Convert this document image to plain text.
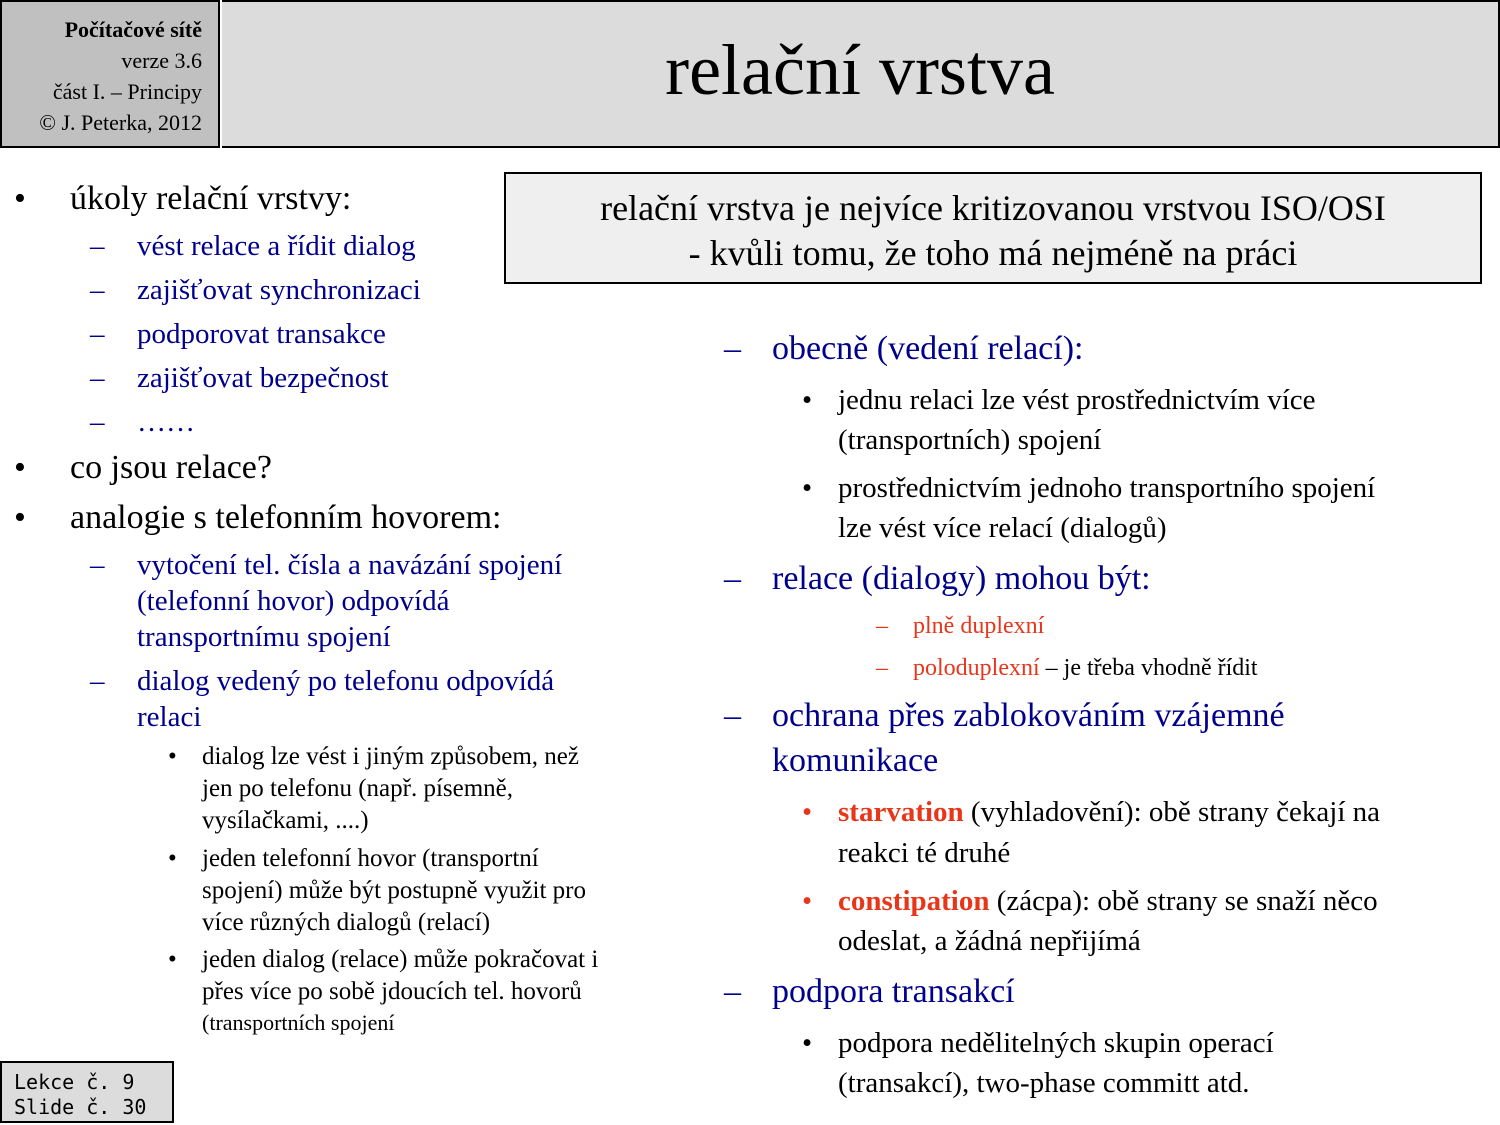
Počítačové sítě
verze 3.6
část I. – Principy
© J. Peterka, 2012
relační vrstva
relační vrstva je nejvíce kritizovanou vrstvou ISO/OSI
- kvůli tomu, že toho má nejméně na práci
• úkoly relační vrstvy:
– vést relace a řídit dialog
– zajišťovat synchronizaci
– podporovat transakce
– zajišťovat bezpečnost
– ……
• co jsou relace?
• analogie s telefonním hovorem:
– vytočení tel. čísla a navázání spojení
(telefonní hovor) odpovídá
transportnímu spojení
– dialog vedený po telefonu odpovídá
relaci
• dialog lze vést i jiným způsobem, než
jen po telefonu (např. písemně,
vysílačkami, ....)
• jeden telefonní hovor (transportní
spojení) může být postupně využit pro
více různých dialogů (relací)
• jeden dialog (relace) může pokračovat i
přes více po sobě jdoucích tel. hovorů
(transportních spojení
– obecně (vedení relací):
• jednu relaci lze vést prostřednictvím více
(transportních) spojení
• prostřednictvím jednoho transportního spojení
lze vést více relací (dialogů)
– relace (dialogy) mohou být:
– plně duplexní
– poloduplexní – je třeba vhodně řídit
– ochrana přes zablokováním vzájemné
komunikace
• starvation (vyhladovění): obě strany čekají na
reakci té druhé
• constipation (zácpa): obě strany se snaží něco
odeslat, a žádná nepřijímá
– podpora transakcí
• podpora nedělitelných skupin operací
(transakcí), two-phase committ atd.
Lekce č. 9
Slide č. 30
